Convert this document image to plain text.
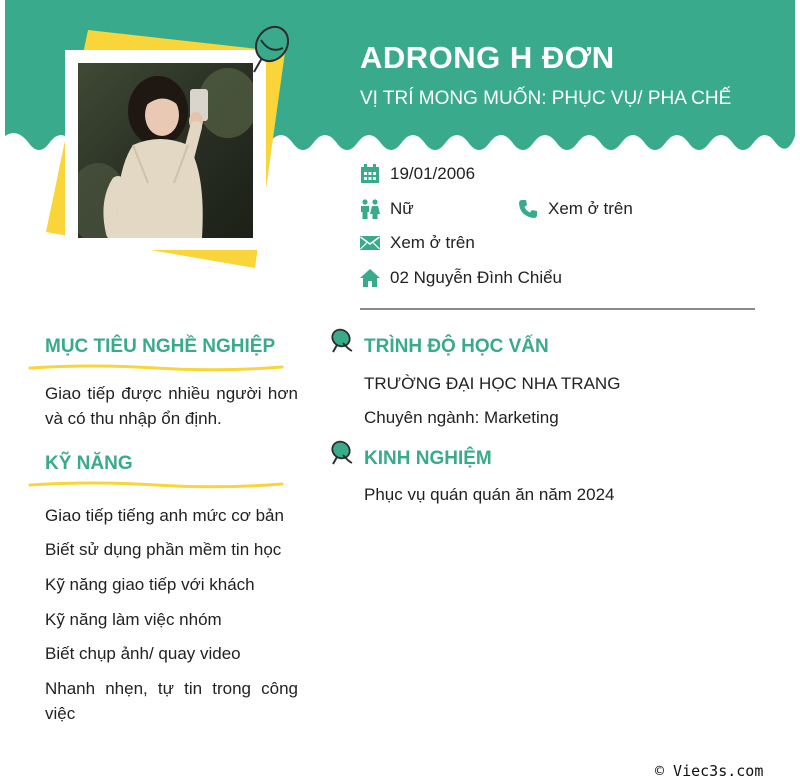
ADRONG H ĐƠN
VỊ TRÍ MONG MUỐN: PHỤC VỤ/ PHA CHẾ
19/01/2006
Nữ	Xem ở trên
Xem ở trên
02 Nguyễn Đình Chiểu
MỤC TIÊU NGHỀ NGHIỆP
Giao tiếp được nhiều người hơn và có thu nhập ổn định.
KỸ NĂNG
Giao tiếp tiếng anh mức cơ bản
Biết sử dụng phần mềm tin học
Kỹ năng giao tiếp với khách
Kỹ năng làm việc nhóm
Biết chụp ảnh/ quay video
Nhanh nhẹn, tự tin trong công việc
TRÌNH ĐỘ HỌC VẤN
TRƯỜNG ĐẠI HỌC NHA TRANG
Chuyên ngành: Marketing
KINH NGHIỆM
Phục vụ quán quán ăn năm 2024
© Viec3s.com
